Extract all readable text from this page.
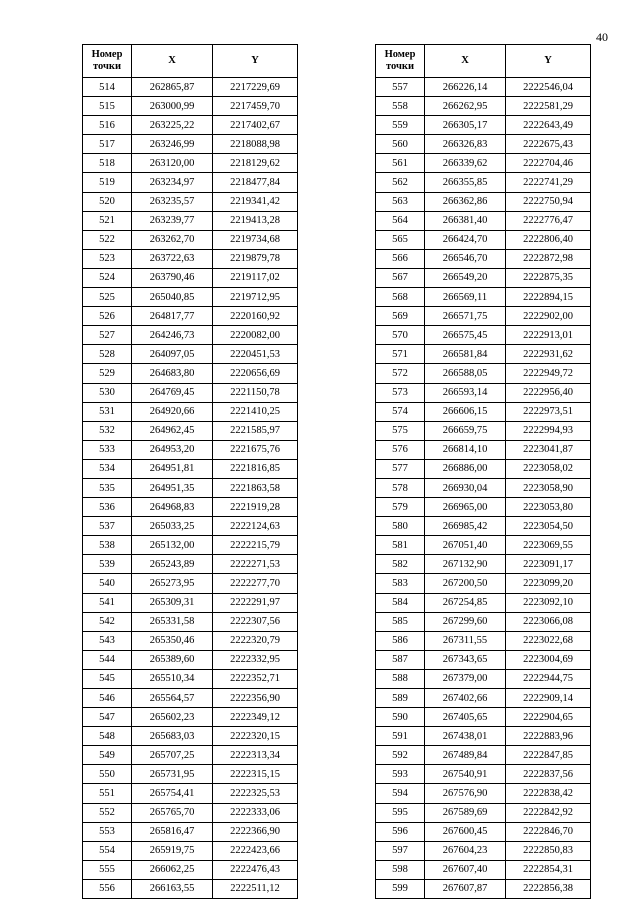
40
Номер
точки	X	Y
514	262865,87	2217229,69
515	263000,99	2217459,70
516	263225,22	2217402,67
517	263246,99	2218088,98
518	263120,00	2218129,62
519	263234,97	2218477,84
520	263235,57	2219341,42
521	263239,77	2219413,28
522	263262,70	2219734,68
523	263722,63	2219879,78
524	263790,46	2219117,02
525	265040,85	2219712,95
526	264817,77	2220160,92
527	264246,73	2220082,00
528	264097,05	2220451,53
529	264683,80	2220656,69
530	264769,45	2221150,78
531	264920,66	2221410,25
532	264962,45	2221585,97
533	264953,20	2221675,76
534	264951,81	2221816,85
535	264951,35	2221863,58
536	264968,83	2221919,28
537	265033,25	2222124,63
538	265132,00	2222215,79
539	265243,89	2222271,53
540	265273,95	2222277,70
541	265309,31	2222291,97
542	265331,58	2222307,56
543	265350,46	2222320,79
544	265389,60	2222332,95
545	265510,34	2222352,71
546	265564,57	2222356,90
547	265602,23	2222349,12
548	265683,03	2222320,15
549	265707,25	2222313,34
550	265731,95	2222315,15
551	265754,41	2222325,53
552	265765,70	2222333,06
553	265816,47	2222366,90
554	265919,75	2222423,66
555	266062,25	2222476,43
556	266163,55	2222511,12
Номер
точки	X	Y
557	266226,14	2222546,04
558	266262,95	2222581,29
559	266305,17	2222643,49
560	266326,83	2222675,43
561	266339,62	2222704,46
562	266355,85	2222741,29
563	266362,86	2222750,94
564	266381,40	2222776,47
565	266424,70	2222806,40
566	266546,70	2222872,98
567	266549,20	2222875,35
568	266569,11	2222894,15
569	266571,75	2222902,00
570	266575,45	2222913,01
571	266581,84	2222931,62
572	266588,05	2222949,72
573	266593,14	2222956,40
574	266606,15	2222973,51
575	266659,75	2222994,93
576	266814,10	2223041,87
577	266886,00	2223058,02
578	266930,04	2223058,90
579	266965,00	2223053,80
580	266985,42	2223054,50
581	267051,40	2223069,55
582	267132,90	2223091,17
583	267200,50	2223099,20
584	267254,85	2223092,10
585	267299,60	2223066,08
586	267311,55	2223022,68
587	267343,65	2223004,69
588	267379,00	2222944,75
589	267402,66	2222909,14
590	267405,65	2222904,65
591	267438,01	2222883,96
592	267489,84	2222847,85
593	267540,91	2222837,56
594	267576,90	2222838,42
595	267589,69	2222842,92
596	267600,45	2222846,70
597	267604,23	2222850,83
598	267607,40	2222854,31
599	267607,87	2222856,38
